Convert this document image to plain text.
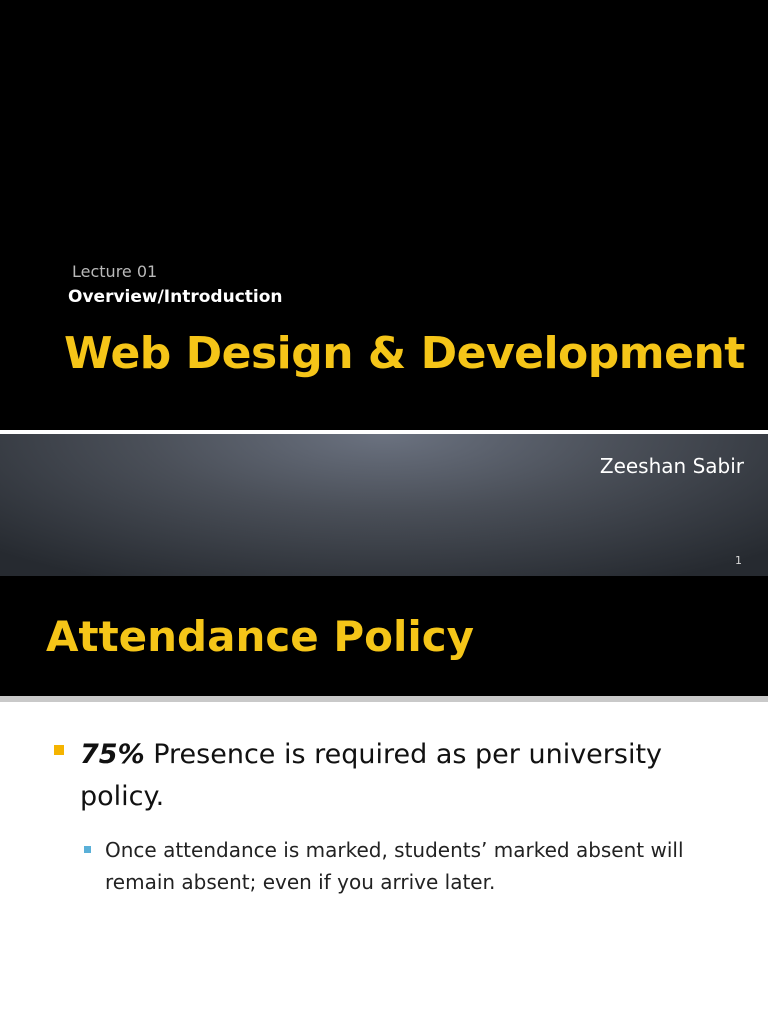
Lecture 01
Overview/Introduction
Web Design & Development
Zeeshan Sabir
1
Attendance Policy
75% Presence is required as per university policy.
Once attendance is marked, students’ marked absent will remain absent; even if you arrive later.
